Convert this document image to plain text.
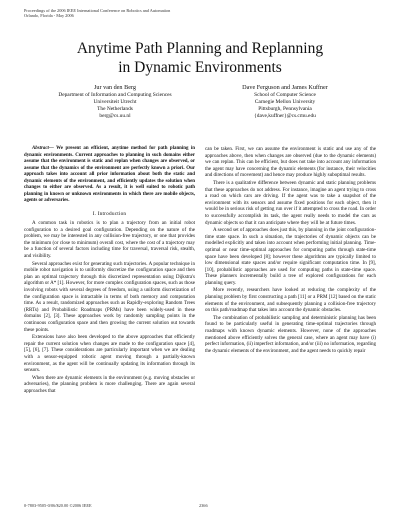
Proceedings of the 2006 IEEE International Conference on Robotics and Automation
Orlando, Florida - May 2006
Anytime Path Planning and Replanning
in Dynamic Environments
Jur van den Berg
Department of Information and Computing Sciences
Universiteit Utrecht
The Netherlands
berg@cs.uu.nl
Dave Ferguson and James Kuffner
School of Computer Science
Carnegie Mellon University
Pittsburgh, Pennsylvania
{dave,kuffner}@cs.cmu.edu

Abstract— We present an efficient, anytime method for path planning in dynamic environments. Current approaches to planning in such domains either assume that the environment is static and replan when changes are observed, or assume that the dynamics of the environment are perfectly known a priori. Our approach takes into account all prior information about both the static and dynamic elements of the environment, and efficiently updates the solution when changes to either are observed. As a result, it is well suited to robotic path planning in known or unknown environments in which there are mobile objects, agents or adversaries.

I. Introduction

A common task in robotics is to plan a trajectory from an initial robot configuration to a desired goal configuration. Depending on the nature of the problem, we may be interested in any collision-free trajectory, or one that provides the minimum (or close to minimum) overall cost, where the cost of a trajectory may be a function of several factors including time for traversal, traversal risk, stealth, and visibility.

Several approaches exist for generating such trajectories. A popular technique in mobile robot navigation is to uniformly discretize the configuration space and then plan an optimal trajectory through this discretized representation using Dijkstra's algorithm or A* [1]. However, for more complex configuration spaces, such as those involving robots with several degrees of freedom, using a uniform discretization of the configuration space is intractable in terms of both memory and computation time. As a result, randomized approaches such as Rapidly-exploring Random Trees (RRTs) and Probabilistic Roadmaps (PRMs) have been widely-used in these domains [2], [3]. These approaches work by randomly sampling points in the continuous configuration space and then growing the current solution out towards these points.

Extensions have also been developed to the above approaches that efficiently repair the current solution when changes are made to the configuration space [4], [5], [6], [7]. These considerations are particularly important when we are dealing with a sensor-equipped robotic agent moving through a partially-known environment, as the agent will be continually updating its information through its sensors.

When there are dynamic elements in the environment (e.g. moving obstacles or adversaries), the planning problem is more challenging. There are again several approaches that

can be taken. First, we can assume the environment is static and use any of the approaches above, then when changes are observed (due to the dynamic elements) we can replan. This can be efficient, but does not take into account any information the agent may have concerning the dynamic elements (for instance, their velocities and directions of movement) and hence may produce highly suboptimal results.

There is a qualitative difference between dynamic and static planning problems that these approaches do not address. For instance, imagine an agent trying to cross a road on which cars are driving. If the agent was to take a snapshot of the environment with its sensors and assume fixed positions for each object, then it would be in serious risk of getting run over if it attempted to cross the road. In order to successfully accomplish its task, the agent really needs to model the cars as dynamic objects so that it can anticipate where they will be at future times.

A second set of approaches does just this, by planning in the joint configuration-time state space. In such a situation, the trajectories of dynamic objects can be modelled explicitly and taken into account when performing initial planning. Time-optimal or near time-optimal approaches for computing paths through state-time space have been developed [8]; however these algorithms are typically limited to low dimensional state spaces and/or require significant computation time. In [9], [10], probabilistic approaches are used for computing paths in state-time space. These planners incrementally build a tree of explored configurations for each planning query.

More recently, researchers have looked at reducing the complexity of the planning problem by first constructing a path [11] or a PRM [12] based on the static elements of the environment, and subsequently planning a collision-free trajectory on this path/roadmap that takes into account the dynamic obstacles.

The combination of probabilistic sampling and deterministic planning has been found to be particularly useful in generating time-optimal trajectories through roadmaps with known dynamic elements. However, none of the approaches mentioned above efficiently solves the general case, where an agent may have (i) perfect information, (ii) imperfect information, and/or (iii) no information, regarding the dynamic elements of the environment, and the agent needs to quickly repair

0-7803-9505-0/06/$20.00 ©2006 IEEE	2366
